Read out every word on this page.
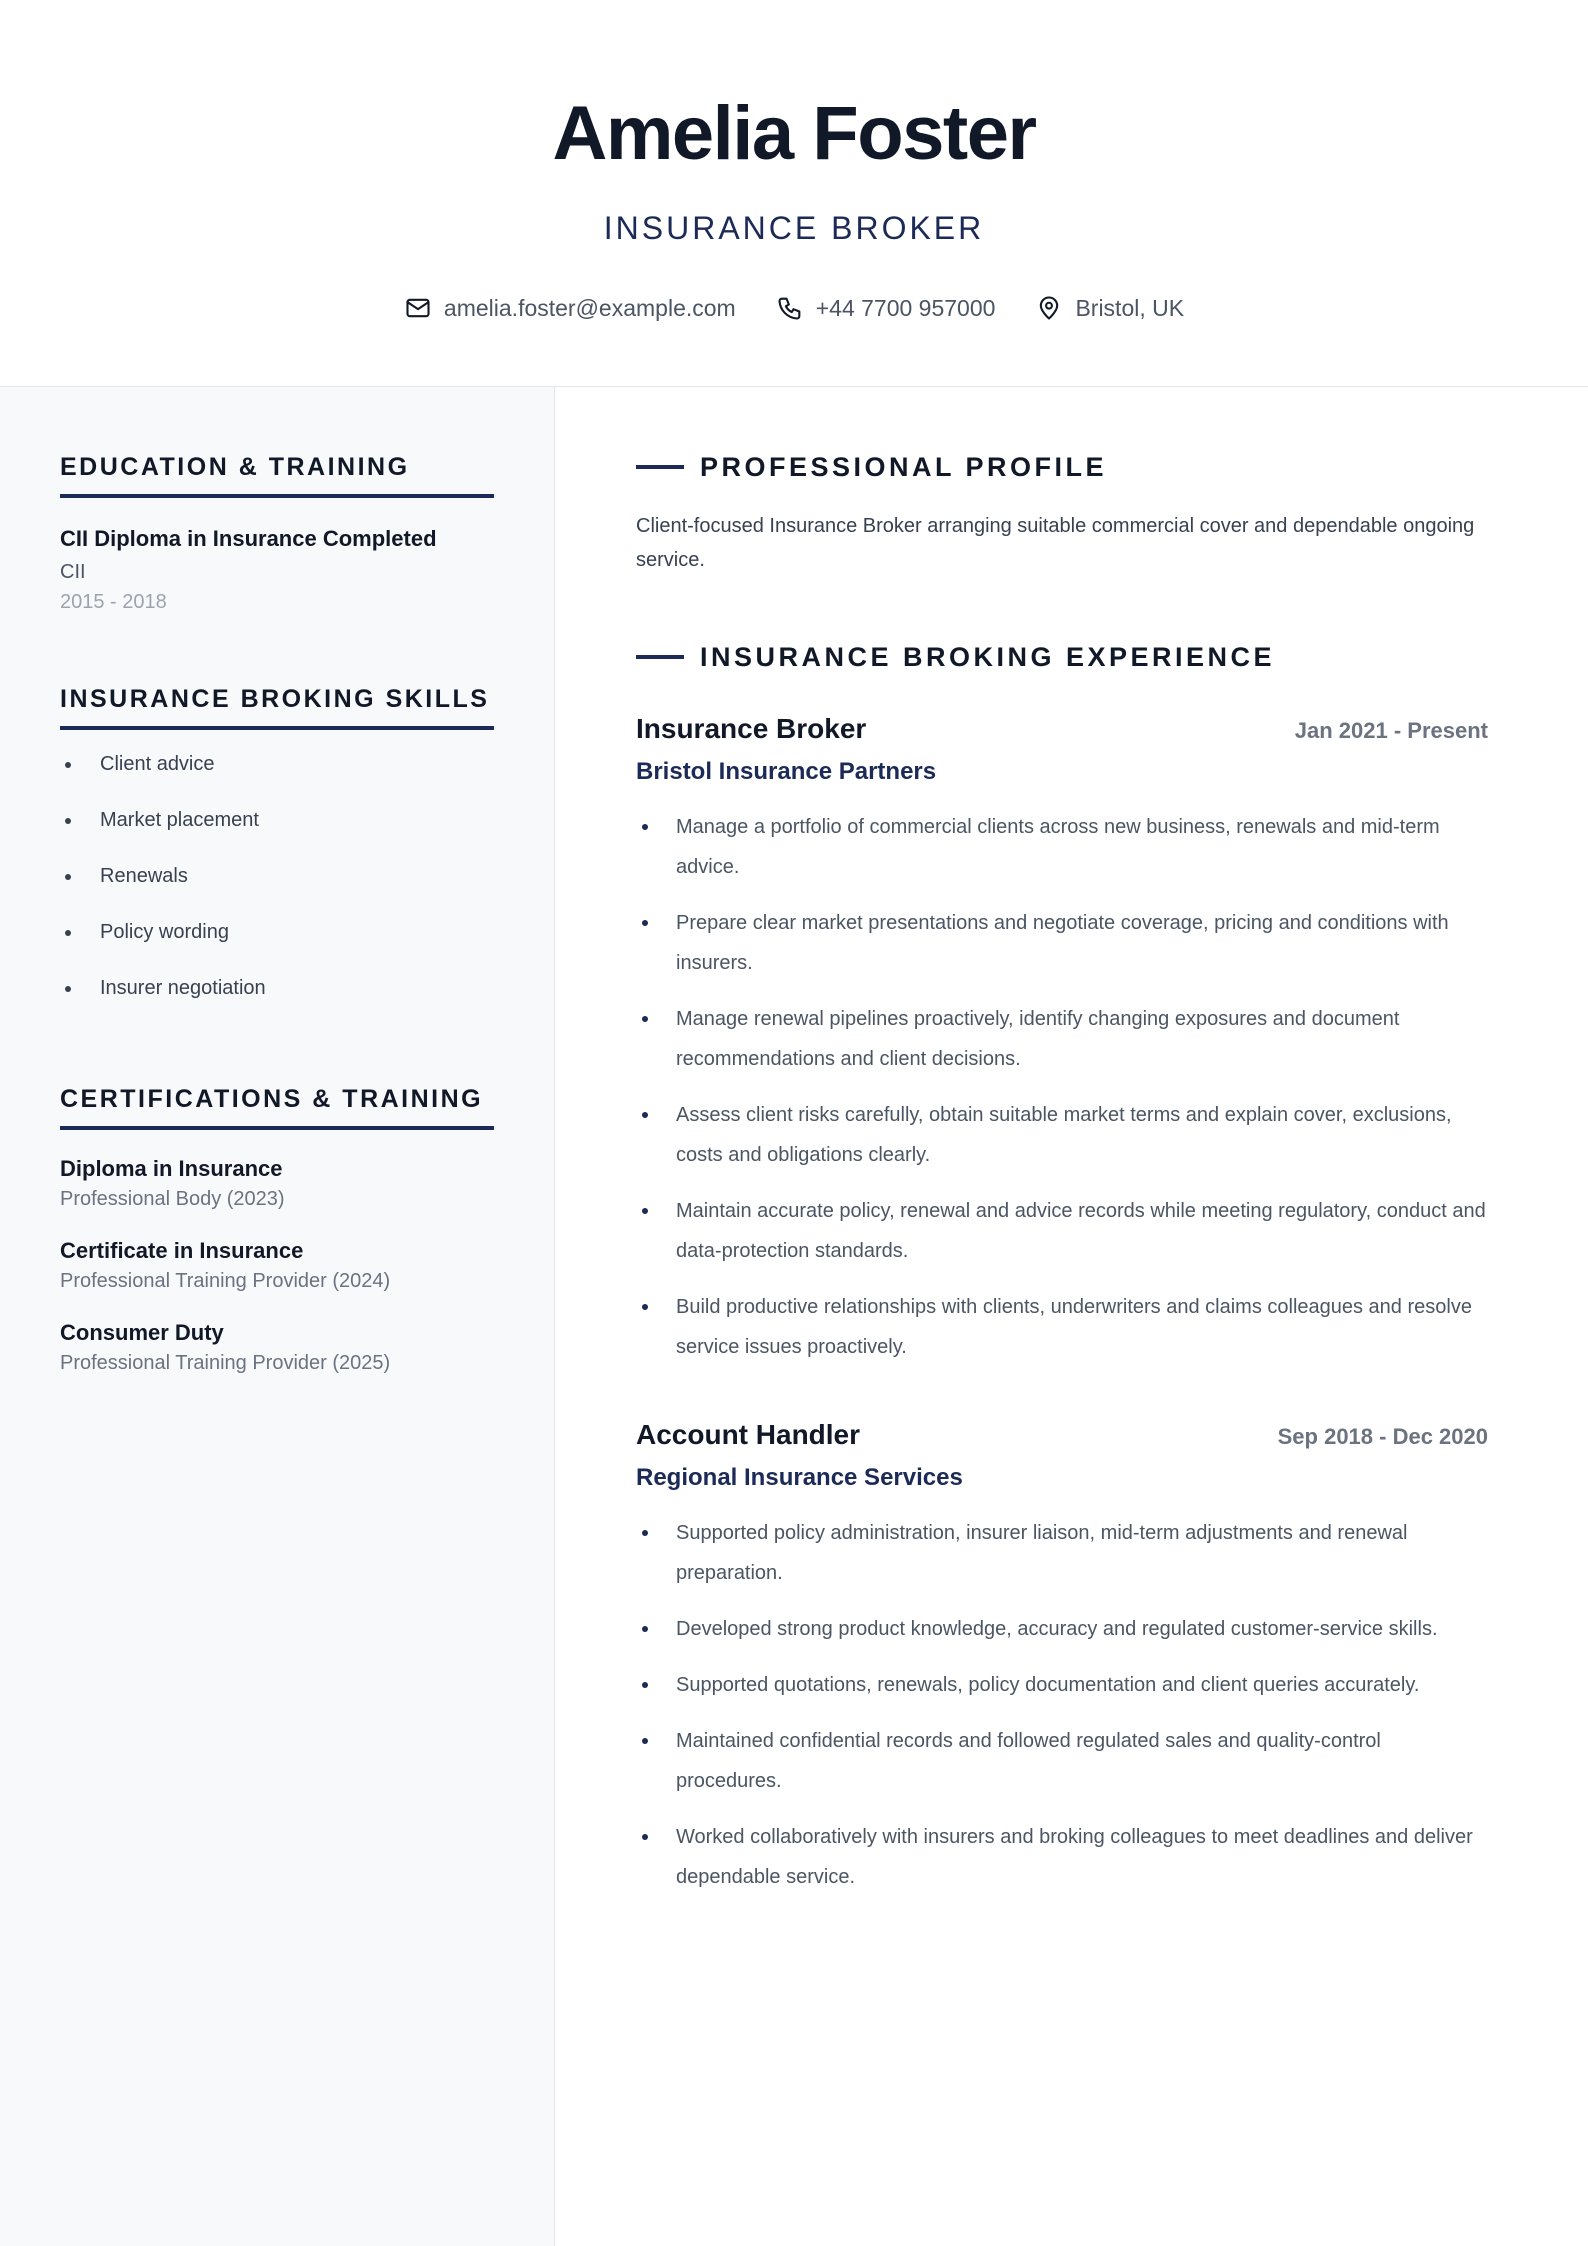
Amelia Foster
INSURANCE BROKER
amelia.foster@example.com	+44 7700 957000	Bristol, UK
EDUCATION & TRAINING
CII Diploma in Insurance Completed
CII
2015 - 2018
INSURANCE BROKING SKILLS
Client advice
Market placement
Renewals
Policy wording
Insurer negotiation
CERTIFICATIONS & TRAINING
Diploma in Insurance
Professional Body (2023)
Certificate in Insurance
Professional Training Provider (2024)
Consumer Duty
Professional Training Provider (2025)
PROFESSIONAL PROFILE

Client-focused Insurance Broker arranging suitable commercial cover and dependable ongoing service.

INSURANCE BROKING EXPERIENCE
Insurance Broker	Jan 2021 - Present
Bristol Insurance Partners
Manage a portfolio of commercial clients across new business, renewals and mid-term advice.
Prepare clear market presentations and negotiate coverage, pricing and conditions with insurers.
Manage renewal pipelines proactively, identify changing exposures and document recommendations and client decisions.
Assess client risks carefully, obtain suitable market terms and explain cover, exclusions, costs and obligations clearly.
Maintain accurate policy, renewal and advice records while meeting regulatory, conduct and data-protection standards.
Build productive relationships with clients, underwriters and claims colleagues and resolve service issues proactively.
Account Handler	Sep 2018 - Dec 2020
Regional Insurance Services
Supported policy administration, insurer liaison, mid-term adjustments and renewal preparation.
Developed strong product knowledge, accuracy and regulated customer-service skills.
Supported quotations, renewals, policy documentation and client queries accurately.
Maintained confidential records and followed regulated sales and quality-control procedures.
Worked collaboratively with insurers and broking colleagues to meet deadlines and deliver dependable service.
